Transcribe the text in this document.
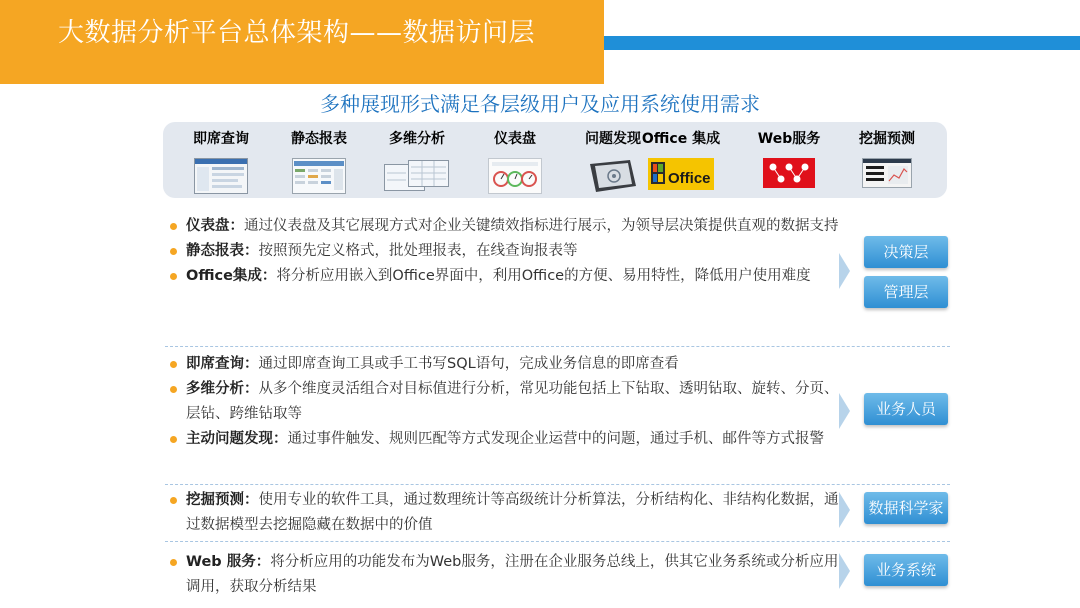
大数据分析平台总体架构——数据访问层
多种展现形式满足各层级用户及应用系统使用需求
即席查询	静态报表	多维分析	仪表盘	问题发现 Office 集成
Office
Web服务	挖掘预测
仪表盘：通过仪表盘及其它展现方式对企业关键绩效指标进行展示，为领导层决策提供直观的数据支持
静态报表：按照预先定义格式，批处理报表，在线查询报表等
Office集成：将分析应用嵌入到Office界面中，利用Office的方便、易用特性，降低用户使用难度
决策层
管理层
即席查询：通过即席查询工具或手工书写SQL语句，完成业务信息的即席查看
多维分析：从多个维度灵活组合对目标值进行分析，常见功能包括上下钻取、透明钻取、旋转、分页、层钻、跨维钻取等
主动问题发现：通过事件触发、规则匹配等方式发现企业运营中的问题，通过手机、邮件等方式报警
业务人员
挖掘预测：使用专业的软件工具，通过数理统计等高级统计分析算法，分析结构化、非结构化数据，通过数据模型去挖掘隐藏在数据中的价值
数据科学家
Web 服务：将分析应用的功能发布为Web服务，注册在企业服务总线上，供其它业务系统或分析应用调用，获取分析结果
业务系统
